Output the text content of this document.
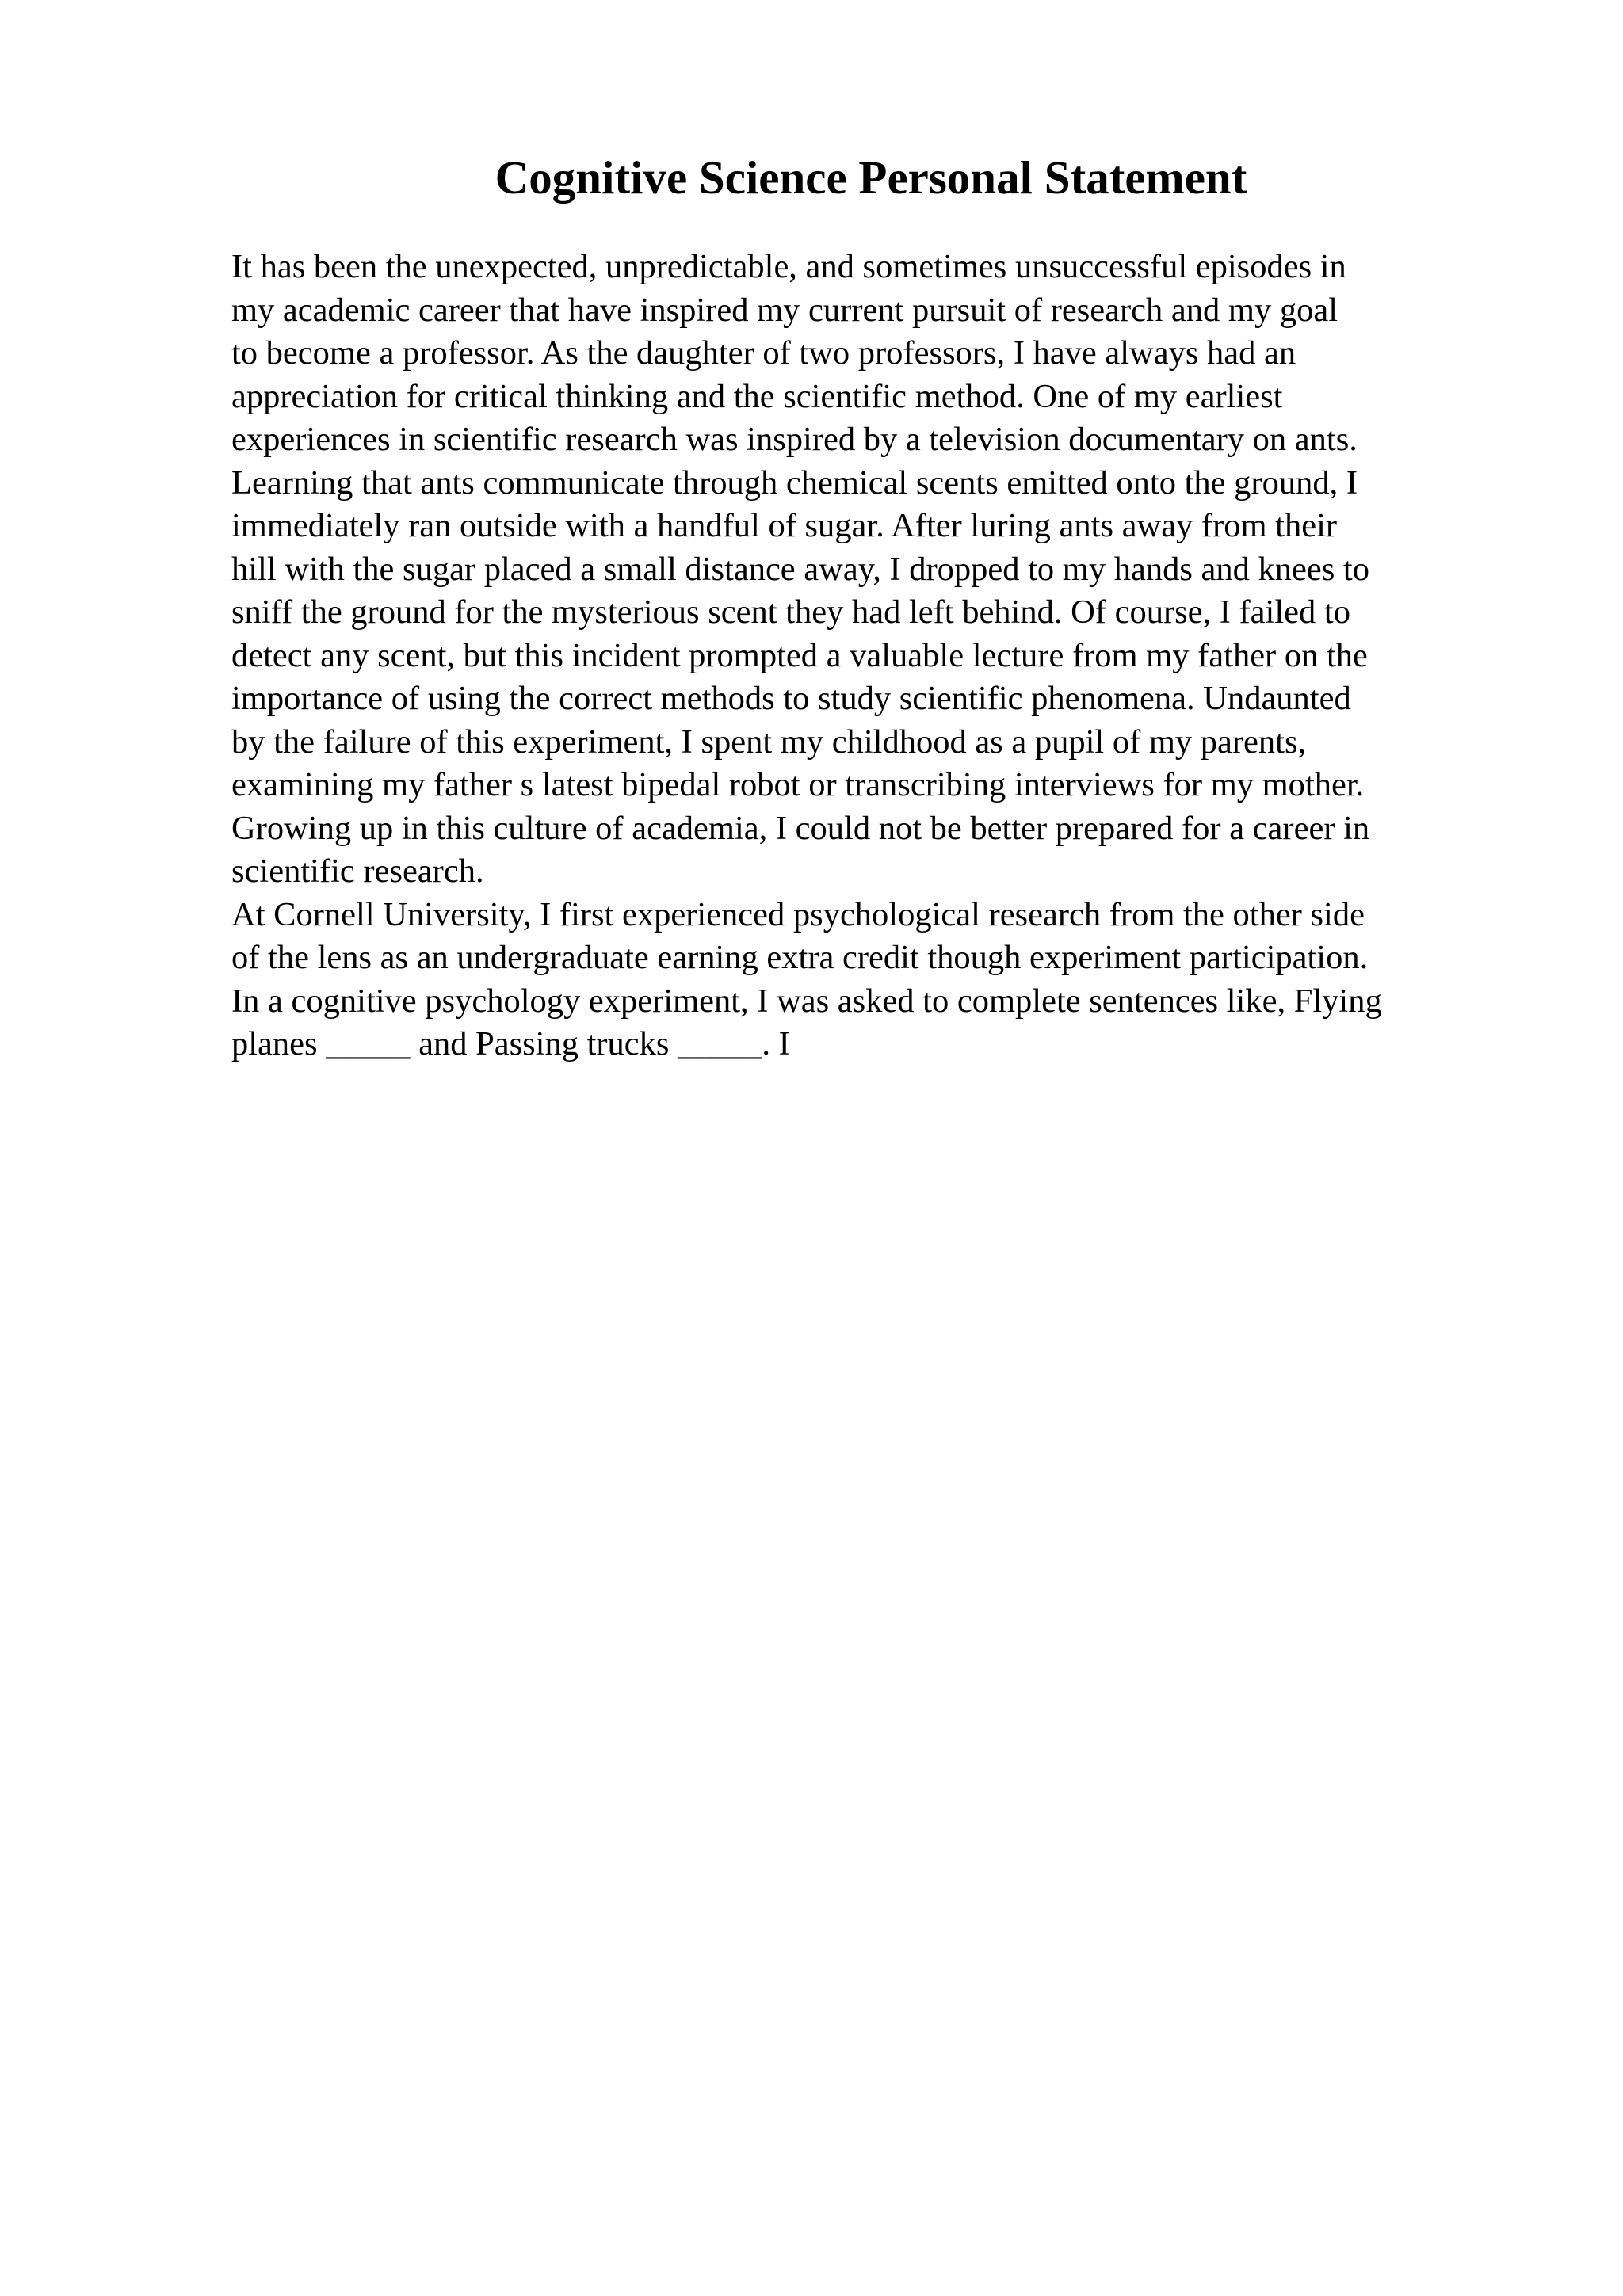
Cognitive Science Personal Statement
It has been the unexpected, unpredictable, and sometimes unsuccessful episodes in
my academic career that have inspired my current pursuit of research and my goal
to become a professor. As the daughter of two professors, I have always had an
appreciation for critical thinking and the scientific method. One of my earliest
experiences in scientific research was inspired by a television documentary on ants.
Learning that ants communicate through chemical scents emitted onto the ground, I
immediately ran outside with a handful of sugar. After luring ants away from their
hill with the sugar placed a small distance away, I dropped to my hands and knees to
sniff the ground for the mysterious scent they had left behind. Of course, I failed to
detect any scent, but this incident prompted a valuable lecture from my father on the
importance of using the correct methods to study scientific phenomena. Undaunted
by the failure of this experiment, I spent my childhood as a pupil of my parents,
examining my father s latest bipedal robot or transcribing interviews for my mother.
Growing up in this culture of academia, I could not be better prepared for a career in
scientific research.
At Cornell University, I first experienced psychological research from the other side
of the lens as an undergraduate earning extra credit though experiment participation.
In a cognitive psychology experiment, I was asked to complete sentences like, Flying
planes _____ and Passing trucks _____. I
